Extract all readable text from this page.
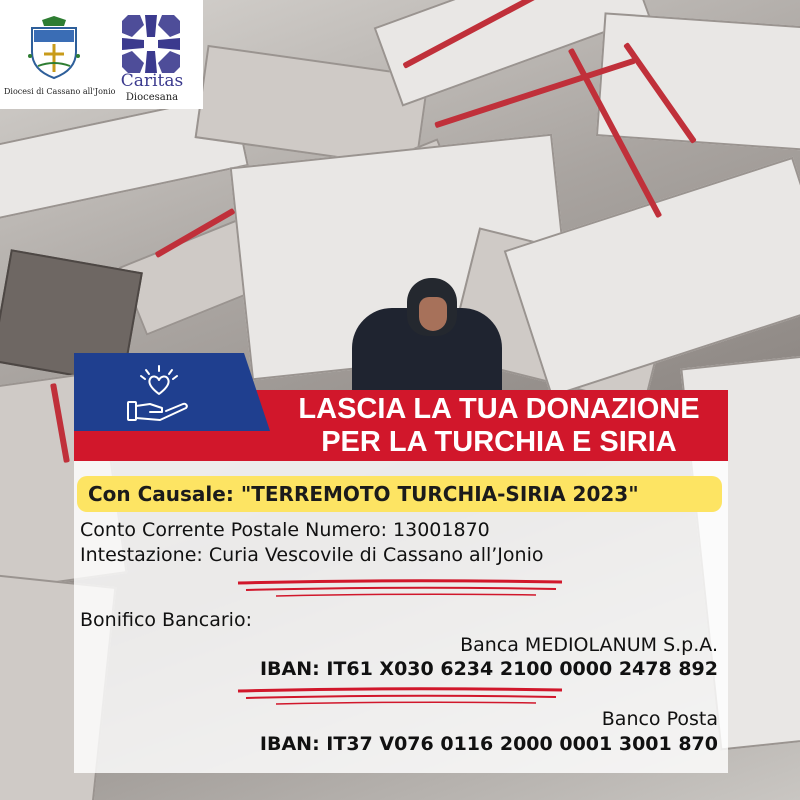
Diocesi di Cassano all'Jonio
Caritas
Diocesana
LASCIA LA TUA DONAZIONE
PER LA TURCHIA E SIRIA
Con Causale: "TERREMOTO TURCHIA-SIRIA 2023"
Conto Corrente Postale Numero: 13001870
Intestazione: Curia Vescovile di Cassano all’Jonio
Bonifico Bancario:
Banca MEDIOLANUM S.p.A.
IBAN: IT61 X030 6234 2100 0000 2478 892
Banco Posta
IBAN: IT37 V076 0116 2000 0001 3001 870
